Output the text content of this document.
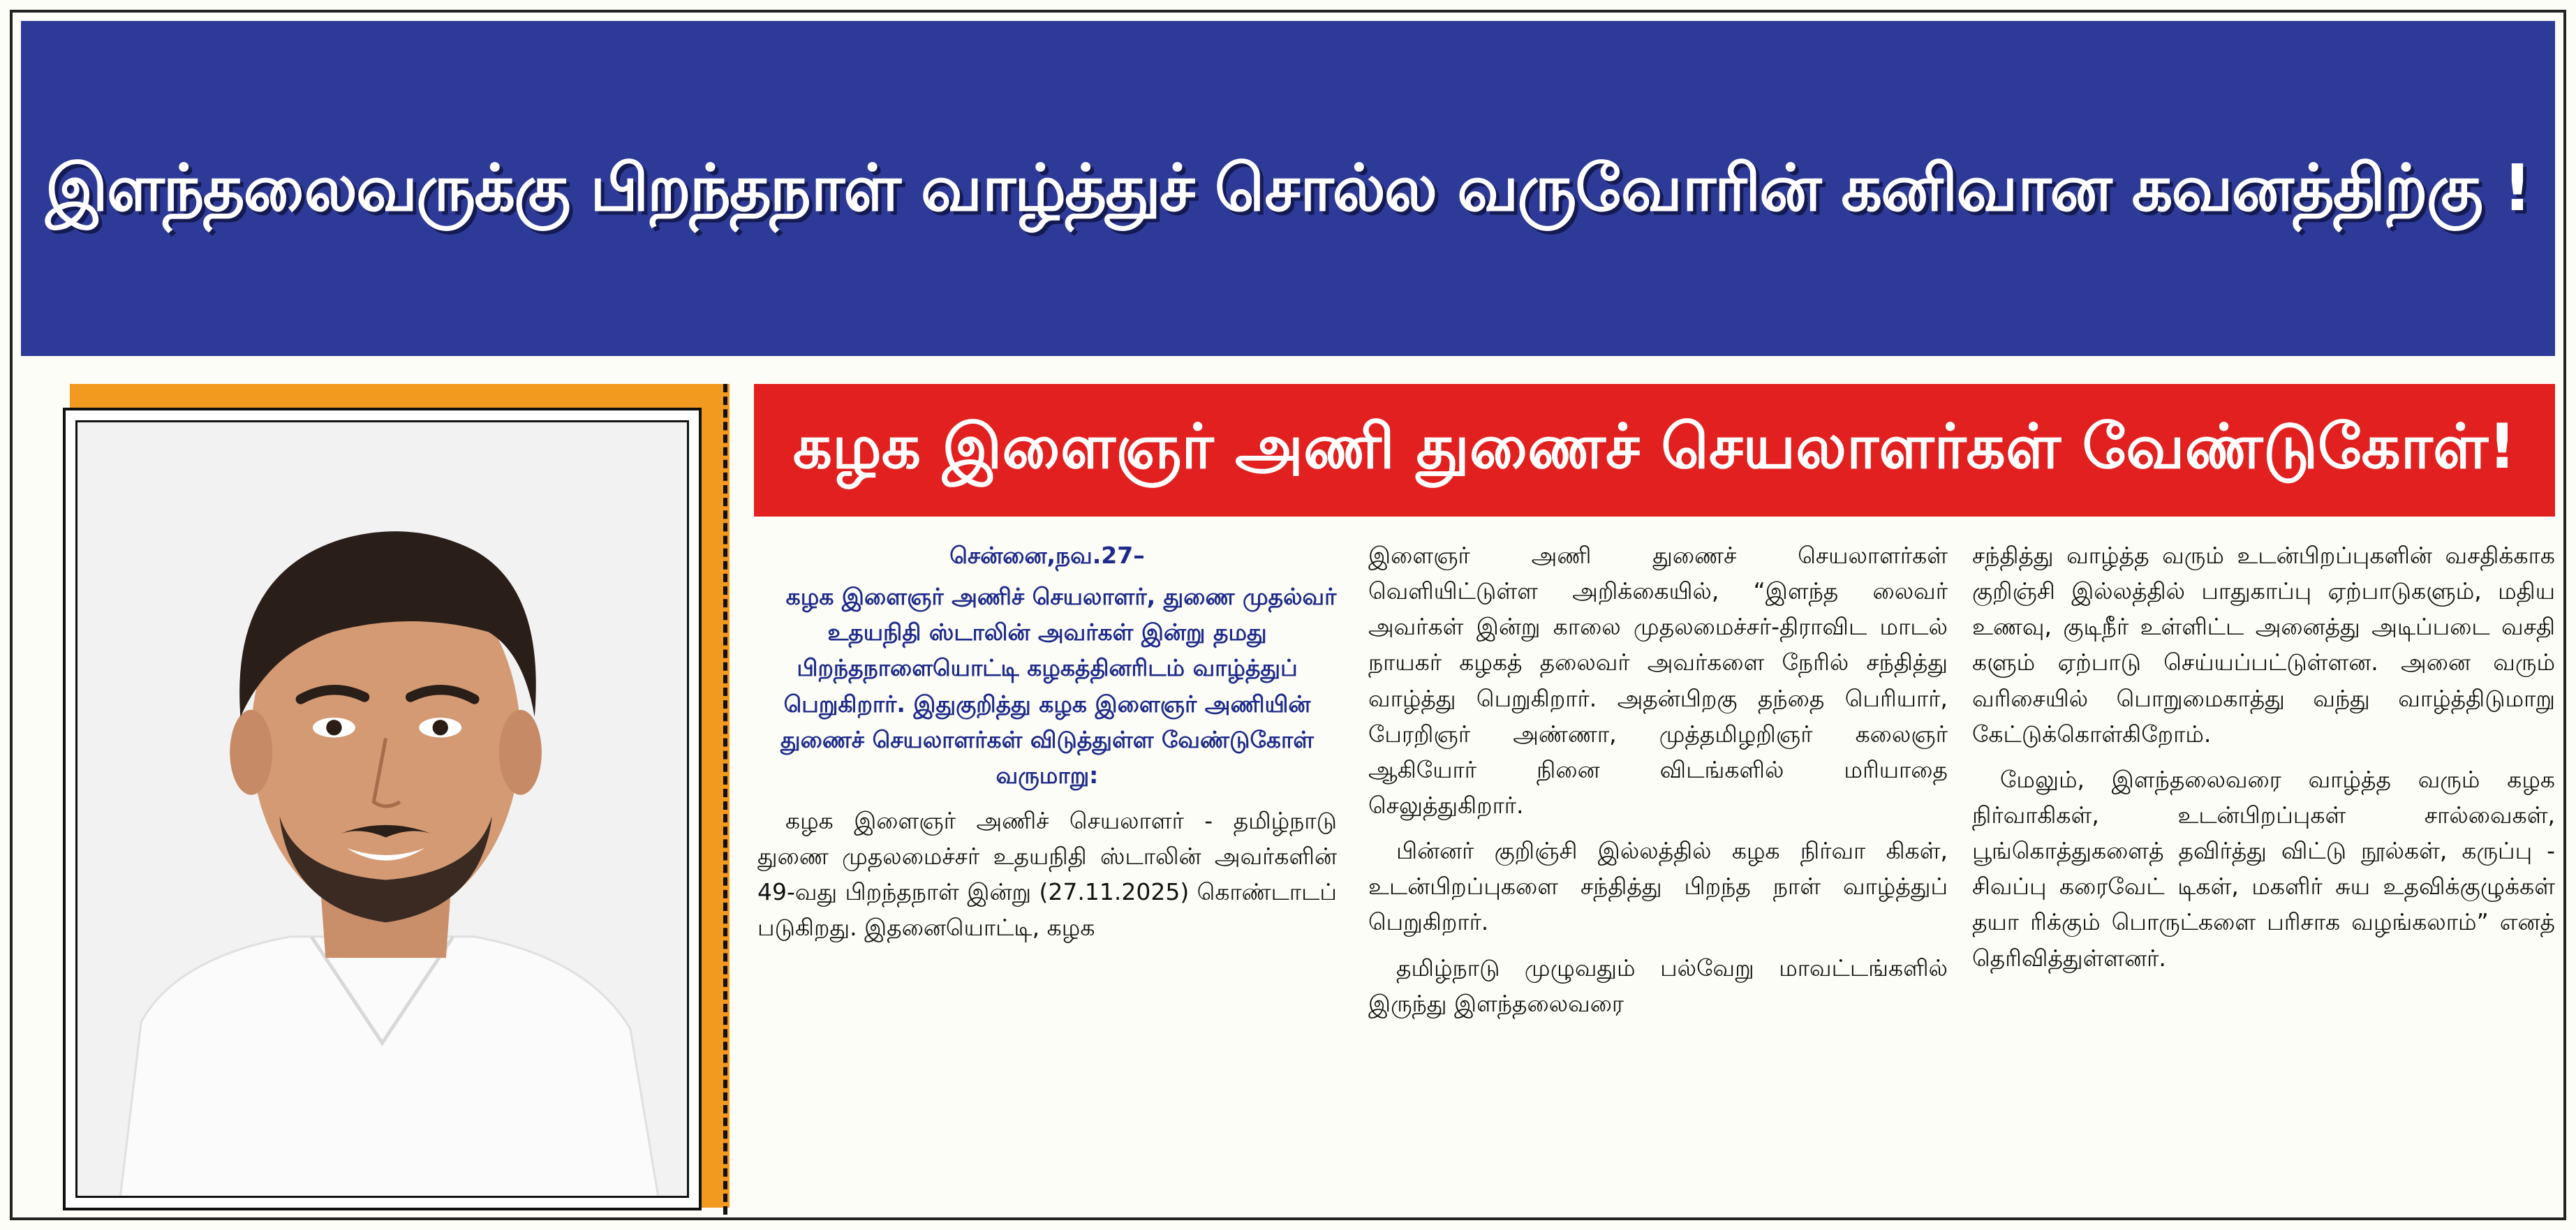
இளந்தலைவருக்கு பிறந்தநாள் வாழ்த்துச் சொல்ல வருவோரின் கனிவான கவனத்திற்கு !
கழக இளைஞர் அணி துணைச் செயலாளர்கள் வேண்டுகோள்!
சென்னை,நவ.27–

கழக இளைஞர் அணிச் செயலாளர், துணை முதல்வர் உதயநிதி ஸ்டாலின் அவர்கள் இன்று தமது பிறந்தநாளையொட்டி கழகத்தினரிடம் வாழ்த்துப் பெறுகிறார். இதுகுறித்து கழக இளைஞர் அணியின் துணைச் செயலாளர்கள் விடுத்துள்ள வேண்டுகோள் வருமாறு:

கழக இளைஞர் அணிச் செயலாளர் - தமிழ்நாடு துணை முதலமைச்சர் உதயநிதி ஸ்டாலின் அவர்களின் 49-வது பிறந்தநாள் இன்று (27.11.2025) கொண்டாடப் படுகிறது. இதனையொட்டி, கழக

இளைஞர் அணி துணைச் செயலாளர்கள் வெளியிட்டுள்ள அறிக்கையில், “இளந்த லைவர் அவர்கள் இன்று காலை முதலமைச்சர்-திராவிட மாடல் நாயகர் கழகத் தலைவர் அவர்களை நேரில் சந்தித்து வாழ்த்து பெறுகிறார். அதன்பிறகு தந்தை பெரியார், பேரறிஞர் அண்ணா, முத்தமிழறிஞர் கலைஞர் ஆகியோர் நினை விடங்களில் மரியாதை செலுத்துகிறார்.

பின்னர் குறிஞ்சி இல்லத்தில் கழக நிர்வா கிகள், உடன்பிறப்புகளை சந்தித்து பிறந்த நாள் வாழ்த்துப் பெறுகிறார்.

தமிழ்நாடு முழுவதும் பல்வேறு மாவட்டங்களில் இருந்து இளந்தலைவரை

சந்தித்து வாழ்த்த வரும் உடன்பிறப்புகளின் வசதிக்காக குறிஞ்சி இல்லத்தில் பாதுகாப்பு ஏற்பாடுகளும், மதிய உணவு, குடிநீர் உள்ளிட்ட அனைத்து அடிப்படை வசதி களும் ஏற்பாடு செய்யப்பட்டுள்ளன. அனை வரும் வரிசையில் பொறுமைகாத்து வந்து வாழ்த்திடுமாறு கேட்டுக்கொள்கிறோம்.

மேலும், இளந்தலைவரை வாழ்த்த வரும் கழக நிர்வாகிகள், உடன்பிறப்புகள் சால்வைகள், பூங்கொத்துகளைத் தவிர்த்து விட்டு நூல்கள், கருப்பு - சிவப்பு கரைவேட் டிகள், மகளிர் சுய உதவிக்குழுக்கள் தயா ரிக்கும் பொருட்களை பரிசாக வழங்கலாம்” எனத் தெரிவித்துள்ளனர்.
